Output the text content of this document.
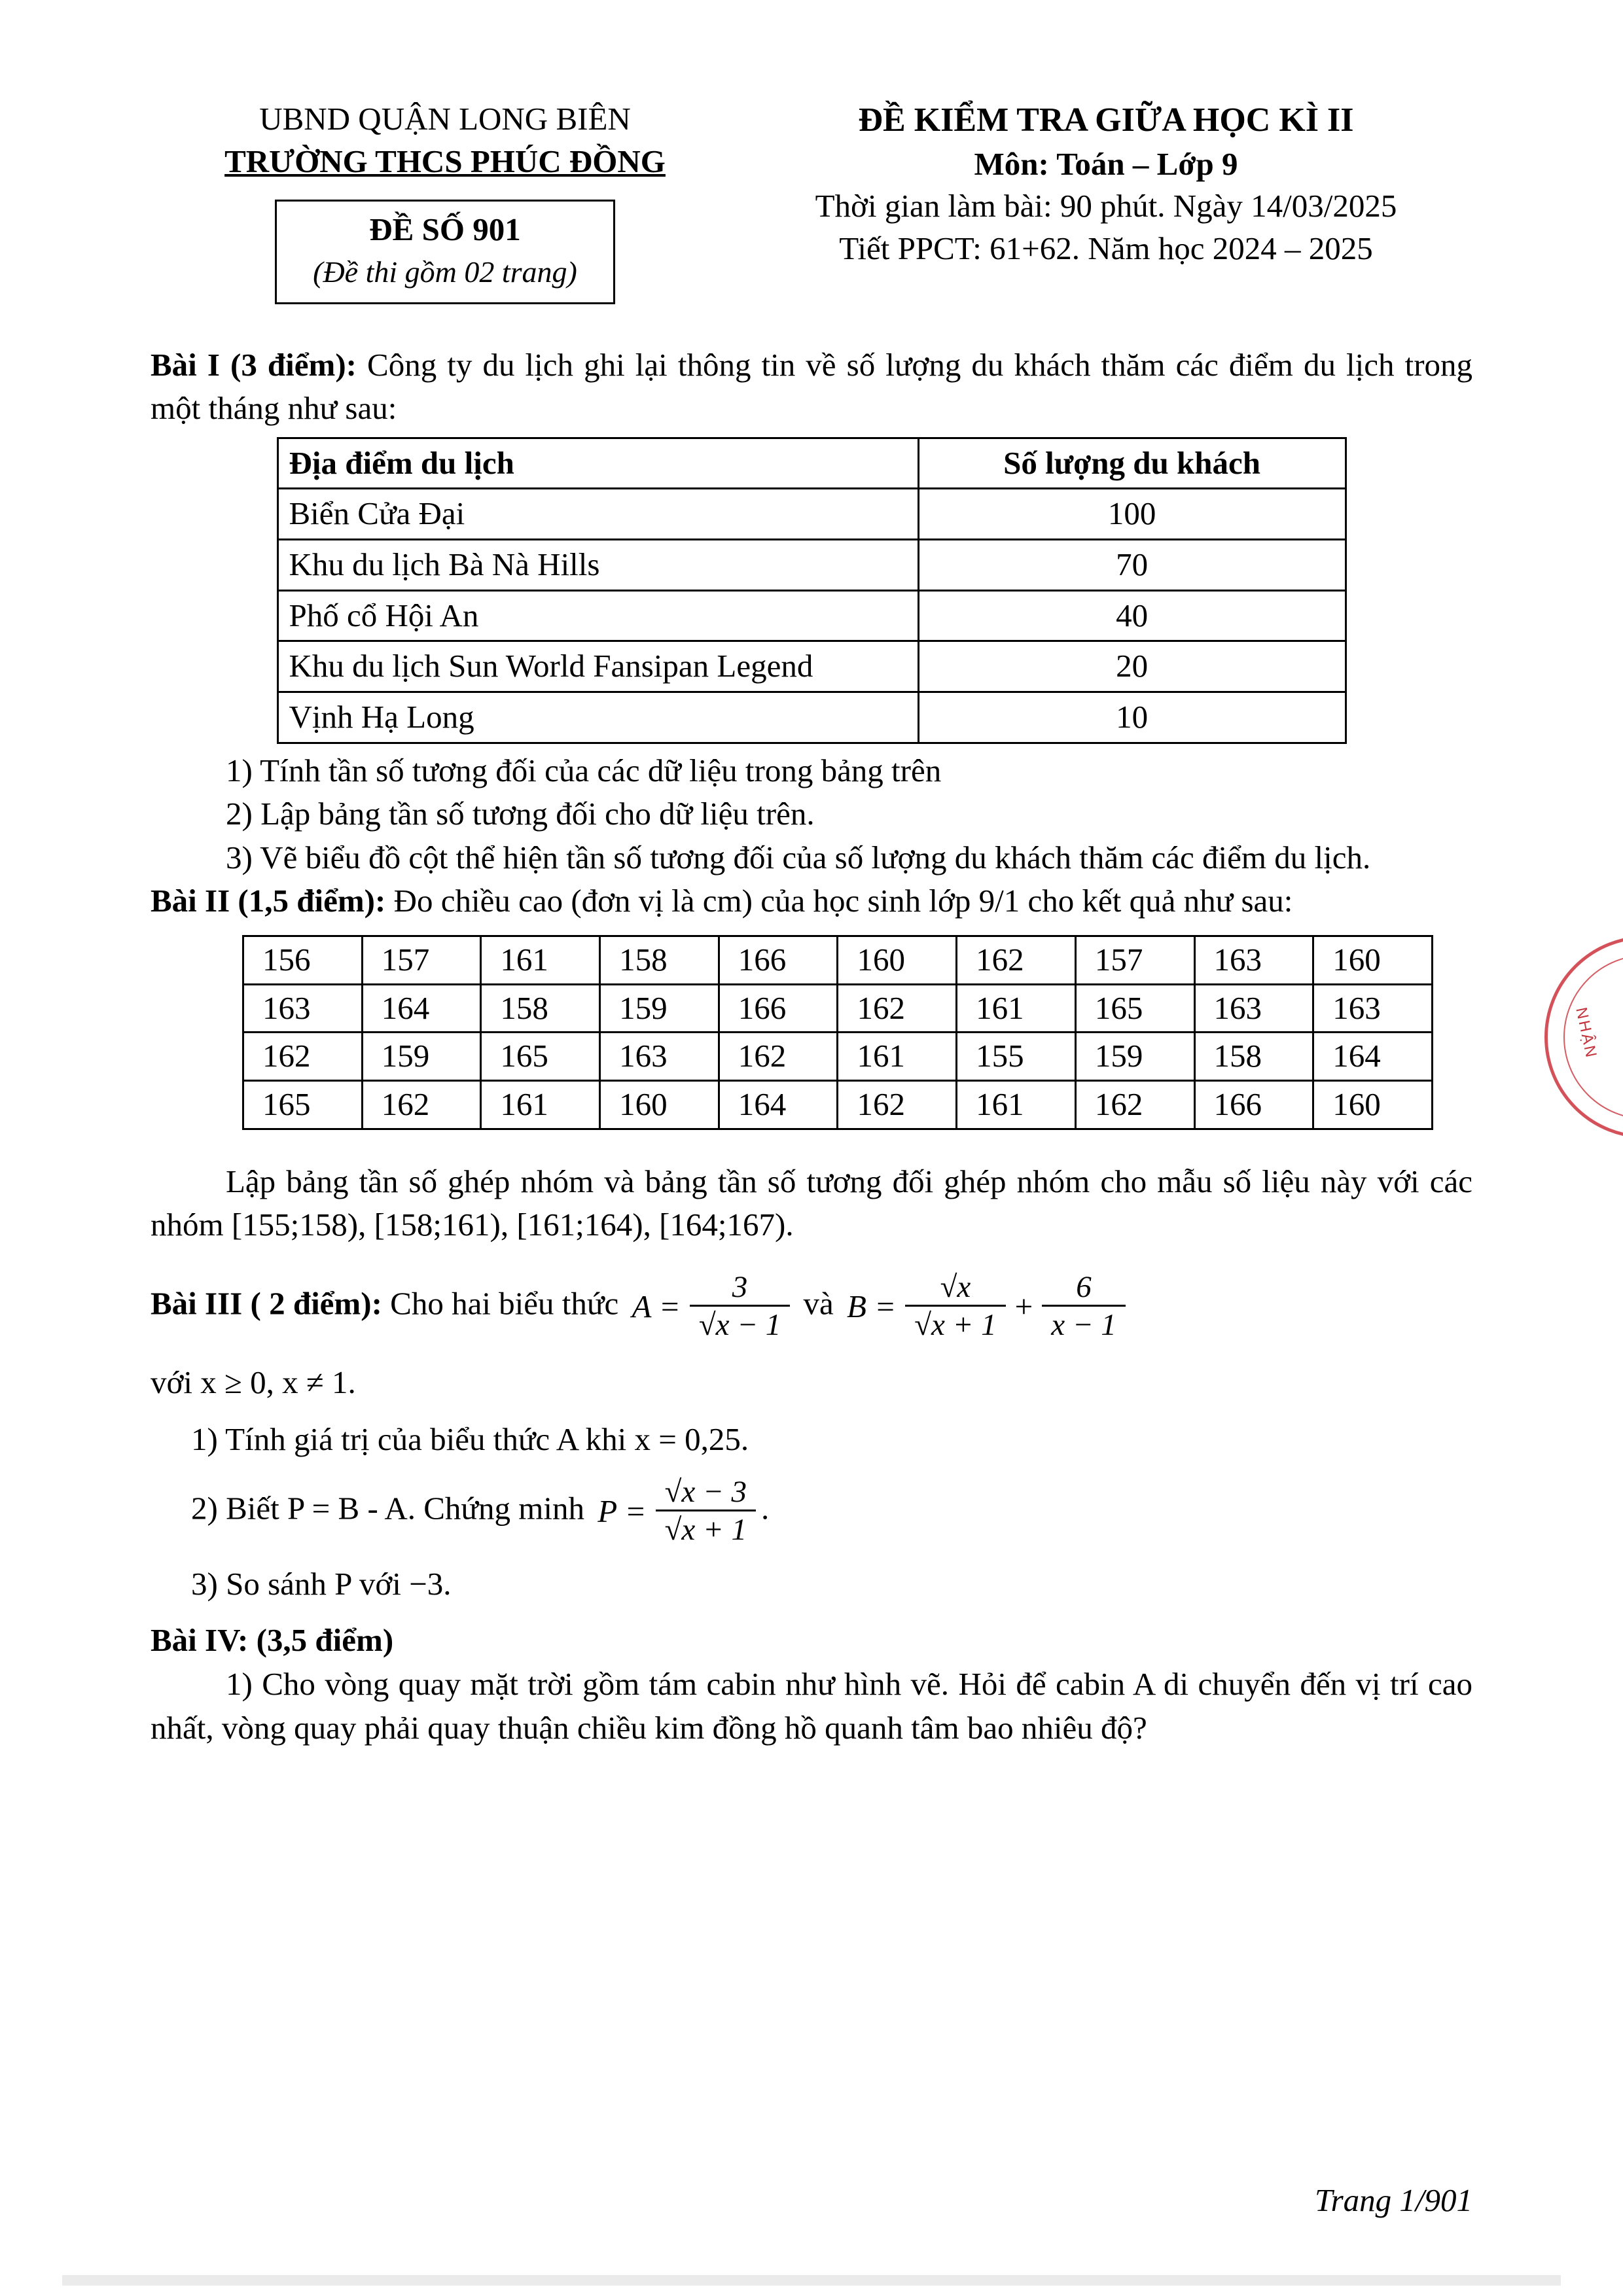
UBND QUẬN LONG BIÊN
TRƯỜNG THCS PHÚC ĐỒNG
ĐỀ SỐ 901
(Đề thi gồm 02 trang)
ĐỀ KIỂM TRA GIỮA HỌC KÌ II
Môn: Toán – Lớp 9
Thời gian làm bài: 90 phút. Ngày 14/03/2025
Tiết PPCT: 61+62. Năm học 2024 – 2025

Bài I (3 điểm): Công ty du lịch ghi lại thông tin về số lượng du khách thăm các điểm du lịch trong một tháng như sau:

Địa điểm du lịch	Số lượng du khách
Biển Cửa Đại	100
Khu du lịch Bà Nà Hills	70
Phố cổ Hội An	40
Khu du lịch Sun World Fansipan Legend	20
Vịnh Hạ Long	10

1) Tính tần số tương đối của các dữ liệu trong bảng trên

2) Lập bảng tần số tương đối cho dữ liệu trên.

3) Vẽ biểu đồ cột thể hiện tần số tương đối của số lượng du khách thăm các điểm du lịch.

Bài II (1,5 điểm): Đo chiều cao (đơn vị là cm) của học sinh lớp 9/1 cho kết quả như sau:

156	157	161	158	166	160	162	157	163	160
163	164	158	159	166	162	161	165	163	163
162	159	165	163	162	161	155	159	158	164
165	162	161	160	164	162	161	162	166	160

Lập bảng tần số ghép nhóm và bảng tần số tương đối ghép nhóm cho mẫu số liệu này với các nhóm [155;158), [158;161), [161;164), [164;167).

Bài III ( 2 điểm): Cho hai biểu thức $A = \frac{3}{√x - 1}$ và $B = \frac{√x}{√x + 1} + \frac{6}{x - 1}$

với x ≥ 0, x ≠ 1.

1) Tính giá trị của biểu thức A khi x = 0,25.

2) Biết P = B - A. Chứng minh $P = \frac{√x - 3}{√x + 1}$ .

3) So sánh P với −3.

Bài IV: (3,5 điểm)

1) Cho vòng quay mặt trời gồm tám cabin như hình vẽ. Hỏi để cabin A di chuyển đến vị trí cao nhất, vòng quay phải quay thuận chiều kim đồng hồ quanh tâm bao nhiêu độ?

Trang 1/901
NHẬN
